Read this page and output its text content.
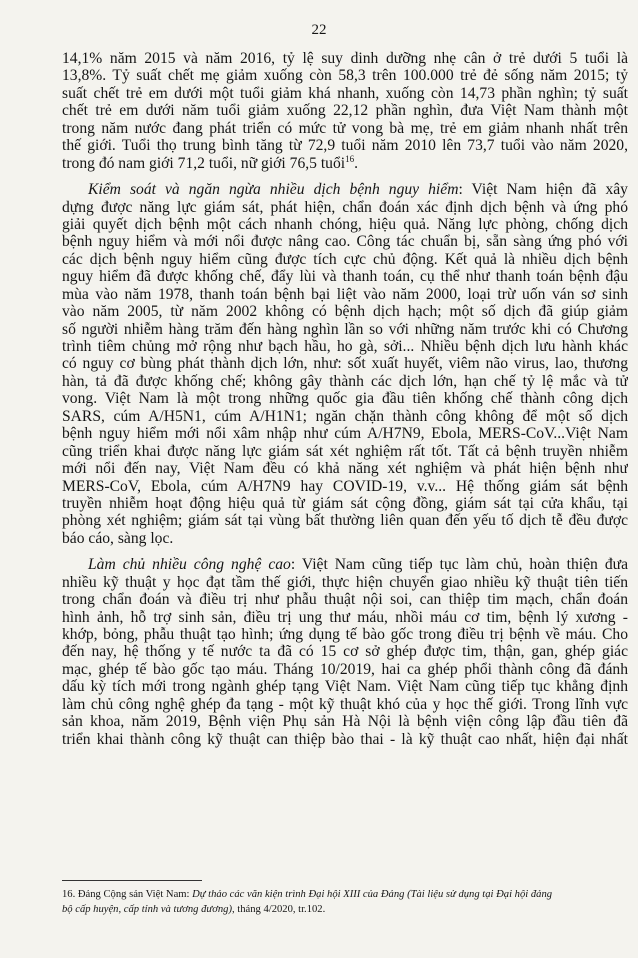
22
14,1% năm 2015 và năm 2016, tỷ lệ suy dinh dưỡng nhẹ cân ở trẻ dưới 5 tuổi là
13,8%. Tỷ suất chết mẹ giảm xuống còn 58,3 trên 100.000 trẻ đẻ sống năm 2015; tỷ
suất chết trẻ em dưới một tuổi giảm khá nhanh, xuống còn 14,73 phần nghìn; tỷ suất
chết trẻ em dưới năm tuổi giảm xuống 22,12 phần nghìn, đưa Việt Nam thành một
trong năm nước đang phát triển có mức tử vong bà mẹ, trẻ em giảm nhanh nhất trên
thế giới. Tuổi thọ trung bình tăng từ 72,9 tuổi năm 2010 lên 73,7 tuổi vào năm 2020,
trong đó nam giới 71,2 tuổi, nữ giới 76,5 tuổi$^{16}$.
Kiểm soát và ngăn ngừa nhiều dịch bệnh nguy hiểm: Việt Nam hiện đã xây
dựng được năng lực giám sát, phát hiện, chẩn đoán xác định dịch bệnh và ứng phó
giải quyết dịch bệnh một cách nhanh chóng, hiệu quả. Năng lực phòng, chống dịch
bệnh nguy hiểm và mới nổi được nâng cao. Công tác chuẩn bị, sẵn sàng ứng phó với
các dịch bệnh nguy hiểm cũng được tích cực chủ động. Kết quả là nhiều dịch bệnh
nguy hiểm đã được khống chế, đẩy lùi và thanh toán, cụ thể như thanh toán bệnh đậu
mùa vào năm 1978, thanh toán bệnh bại liệt vào năm 2000, loại trừ uốn ván sơ sinh
vào năm 2005, từ năm 2002 không có bệnh dịch hạch; một số dịch đã giúp giảm
số người nhiễm hàng trăm đến hàng nghìn lần so với những năm trước khi có Chương
trình tiêm chủng mở rộng như bạch hầu, ho gà, sởi... Nhiều bệnh dịch lưu hành khác
có nguy cơ bùng phát thành dịch lớn, như: sốt xuất huyết, viêm não virus, lao, thương
hàn, tả đã được khống chế; không gây thành các dịch lớn, hạn chế tỷ lệ mắc và tử
vong. Việt Nam là một trong những quốc gia đầu tiên khống chế thành công dịch
SARS, cúm A/H5N1, cúm A/H1N1; ngăn chặn thành công không để một số dịch
bệnh nguy hiểm mới nổi xâm nhập như cúm A/H7N9, Ebola, MERS-CoV...Việt Nam
cũng triển khai được năng lực giám sát xét nghiệm rất tốt. Tất cả bệnh truyền nhiễm
mới nổi đến nay, Việt Nam đều có khả năng xét nghiệm và phát hiện bệnh như
MERS-CoV, Ebola, cúm A/H7N9 hay COVID-19, v.v... Hệ thống giám sát bệnh
truyền nhiễm hoạt động hiệu quả từ giám sát cộng đồng, giám sát tại cửa khẩu, tại
phòng xét nghiệm; giám sát tại vùng bất thường liên quan đến yếu tố dịch tễ đều được
báo cáo, sàng lọc.
Làm chủ nhiều công nghệ cao: Việt Nam cũng tiếp tục làm chủ, hoàn thiện đưa
nhiều kỹ thuật y học đạt tầm thế giới, thực hiện chuyển giao nhiều kỹ thuật tiên tiến
trong chẩn đoán và điều trị như phẫu thuật nội soi, can thiệp tim mạch, chẩn đoán
hình ảnh, hỗ trợ sinh sản, điều trị ung thư máu, nhồi máu cơ tim, bệnh lý xương -
khớp, bỏng, phẫu thuật tạo hình; ứng dụng tế bào gốc trong điều trị bệnh về máu. Cho
đến nay, hệ thống y tế nước ta đã có 15 cơ sở ghép được tim, thận, gan, ghép giác
mạc, ghép tế bào gốc tạo máu. Tháng 10/2019, hai ca ghép phổi thành công đã đánh
dấu kỳ tích mới trong ngành ghép tạng Việt Nam. Việt Nam cũng tiếp tục khẳng định
làm chủ công nghệ ghép đa tạng - một kỹ thuật khó của y học thế giới. Trong lĩnh vực
sản khoa, năm 2019, Bệnh viện Phụ sản Hà Nội là bệnh viện công lập đầu tiên đã
triển khai thành công kỹ thuật can thiệp bào thai - là kỹ thuật cao nhất, hiện đại nhất
16. Đảng Cộng sản Việt Nam: Dự thảo các văn kiện trình Đại hội XIII của Đảng (Tài liệu sử dụng tại Đại hội đảng
bộ cấp huyện, cấp tỉnh và tương đương), tháng 4/2020, tr.102.
